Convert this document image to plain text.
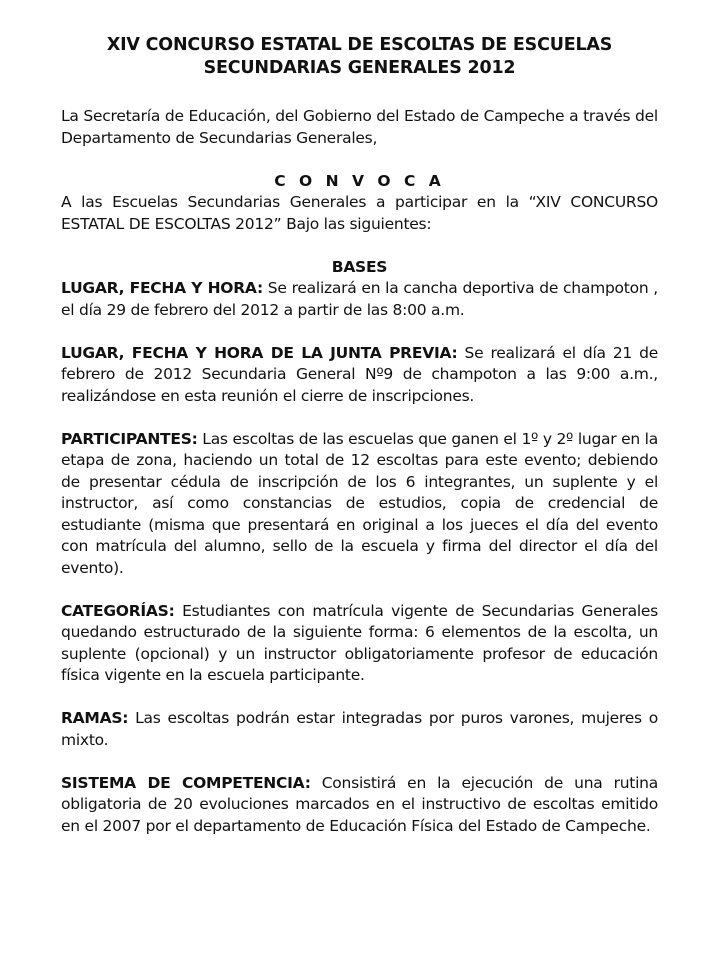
XIV CONCURSO ESTATAL DE ESCOLTAS DE ESCUELAS
SECUNDARIAS GENERALES 2012

La Secretaría de Educación, del Gobierno del Estado de Campeche a través del Departamento de Secundarias Generales,

C O N V O C A

A las Escuelas Secundarias Generales a participar en la “XIV CONCURSO ESTATAL DE ESCOLTAS 2012” Bajo las siguientes:

BASES

LUGAR, FECHA Y HORA: Se realizará en la cancha deportiva de champoton , el día 29 de febrero del 2012 a partir de las 8:00 a.m.

LUGAR, FECHA Y HORA DE LA JUNTA PREVIA: Se realizará el día 21 de febrero de 2012 Secundaria General Nº9 de champoton a las 9:00 a.m., realizándose en esta reunión el cierre de inscripciones.

PARTICIPANTES: Las escoltas de las escuelas que ganen el 1º y 2º lugar en la etapa de zona, haciendo un total de 12 escoltas para este evento; debiendo de presentar cédula de inscripción de los 6 integrantes, un suplente y el instructor, así como constancias de estudios, copia de credencial de estudiante (misma que presentará en original a los jueces el día del evento con matrícula del alumno, sello de la escuela y firma del director el día del evento).

CATEGORÍAS: Estudiantes con matrícula vigente de Secundarias Generales quedando estructurado de la siguiente forma: 6 elementos de la escolta, un suplente (opcional) y un instructor obligatoriamente profesor de educación física vigente en la escuela participante.

RAMAS: Las escoltas podrán estar integradas por puros varones, mujeres o mixto.

SISTEMA DE COMPETENCIA: Consistirá en la ejecución de una rutina obligatoria de 20 evoluciones marcados en el instructivo de escoltas emitido en el 2007 por el departamento de Educación Física del Estado de Campeche.
